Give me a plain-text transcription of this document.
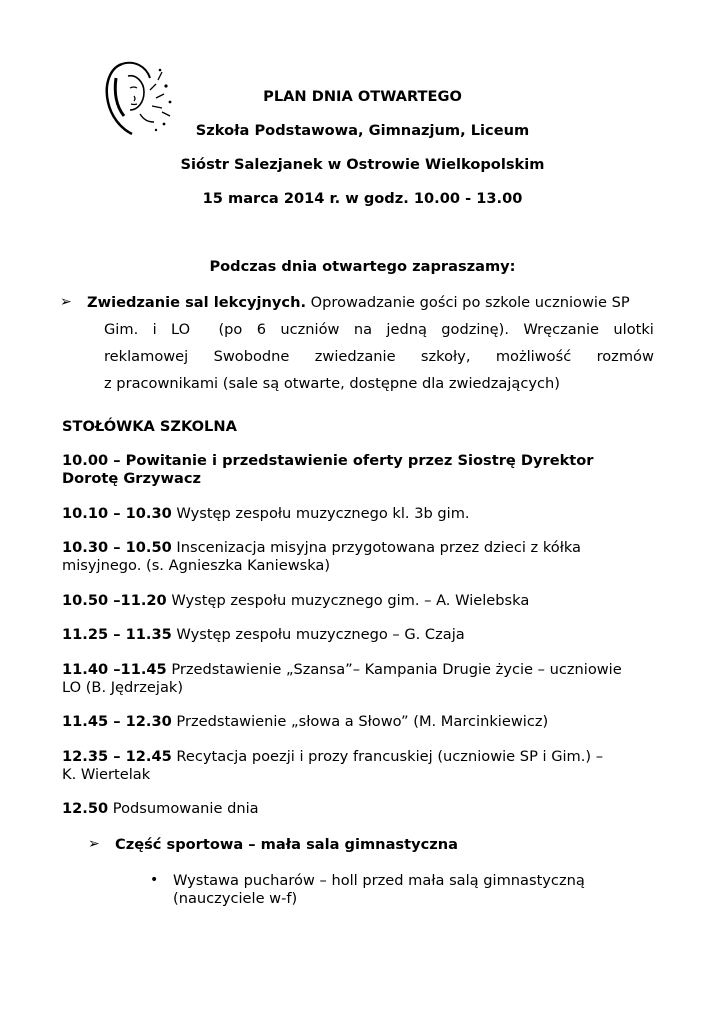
PLAN DNIA OTWARTEGO
Szkoła Podstawowa, Gimnazjum, Liceum
Sióstr Salezjanek w Ostrowie Wielkopolskim
15 marca 2014 r. w godz. 10.00 - 13.00
Podczas dnia otwartego zapraszamy:
➢ Zwiedzanie sal lekcyjnych. Oprowadzanie gości po szkole uczniowie SP
Gim. i LO (po 6 uczniów na jedną godzinę). Wręczanie ulotki
reklamowej Swobodne zwiedzanie szkoły, możliwość rozmów
z pracownikami (sale są otwarte, dostępne dla zwiedzających)
STOŁÓWKA SZKOLNA
10.00 – Powitanie i przedstawienie oferty przez Siostrę Dyrektor
Dorotę Grzywacz
10.10 – 10.30 Występ zespołu muzycznego kl. 3b gim.
10.30 – 10.50 Inscenizacja misyjna przygotowana przez dzieci z kółka
misyjnego. (s. Agnieszka Kaniewska)
10.50 –11.20 Występ zespołu muzycznego gim. – A. Wielebska
11.25 – 11.35 Występ zespołu muzycznego – G. Czaja
11.40 –11.45 Przedstawienie „Szansa”– Kampania Drugie życie – uczniowie
LO (B. Jędrzejak)
11.45 – 12.30 Przedstawienie „słowa a Słowo” (M. Marcinkiewicz)
12.35 – 12.45 Recytacja poezji i prozy francuskiej (uczniowie SP i Gim.) –
K. Wiertelak
12.50 Podsumowanie dnia
➢ Część sportowa – mała sala gimnastyczna
• Wystawa pucharów – holl przed mała salą gimnastyczną
(nauczyciele w-f)
